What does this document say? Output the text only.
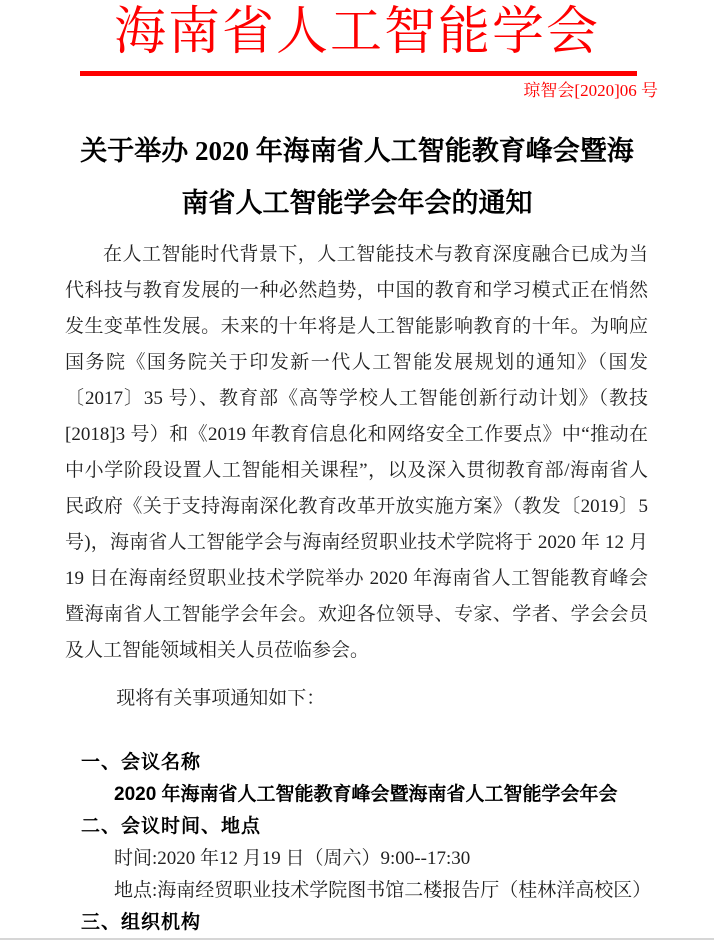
海南省人工智能学会
琼智会[2020]06 号
关于举办 2020 年海南省人工智能教育峰会暨海南省人工智能学会年会的通知
在人工智能时代背景下，人工智能技术与教育深度融合已成为当代科技与教育发展的一种必然趋势，中国的教育和学习模式正在悄然发生变革性发展。未来的十年将是人工智能影响教育的十年。为响应国务院《国务院关于印发新一代人工智能发展规划的通知》（国发〔2017〕35 号）、教育部《高等学校人工智能创新行动计划》（教技[2018]3 号）和《2019 年教育信息化和网络安全工作要点》中“推动在中小学阶段设置人工智能相关课程”，以及深入贯彻教育部/海南省人民政府《关于支持海南深化教育改革开放实施方案》（教发〔2019〕5 号)，海南省人工智能学会与海南经贸职业技术学院将于 2020 年 12 月 19 日在海南经贸职业技术学院举办 2020 年海南省人工智能教育峰会暨海南省人工智能学会年会。欢迎各位领导、专家、学者、学会会员及人工智能领域相关人员莅临参会。
现将有关事项通知如下：
一、会议名称
2020 年海南省人工智能教育峰会暨海南省人工智能学会年会
二、会议时间、地点
时间:2020 年12 月19 日（周六）9:00--17:30
地点:海南经贸职业技术学院图书馆二楼报告厅（桂林洋高校区）
三、组织机构
